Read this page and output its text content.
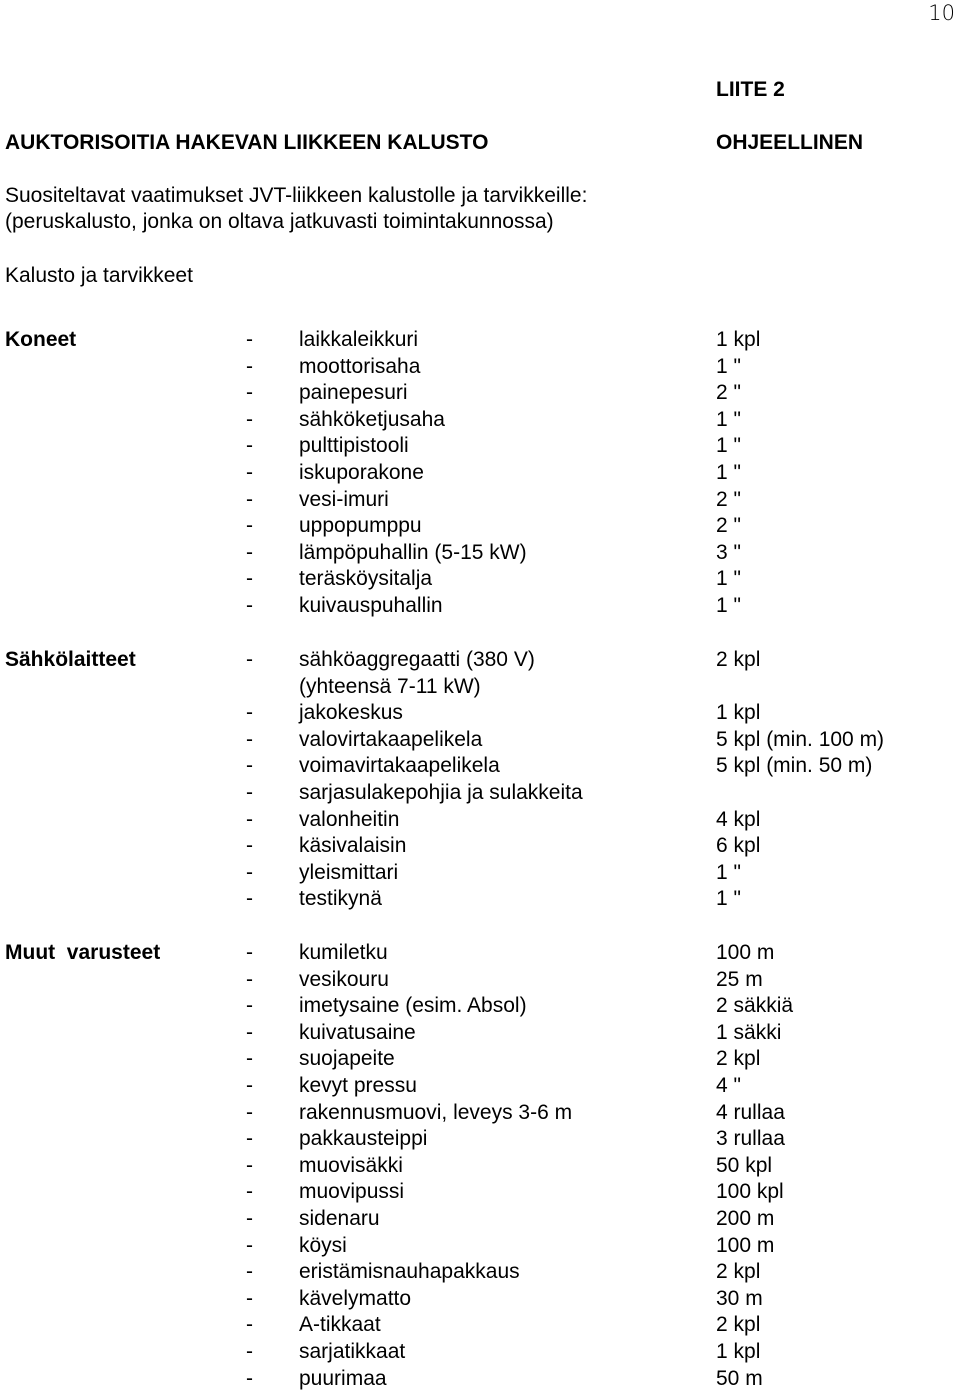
10
LIITE 2
AUKTORISOITIA HAKEVAN LIIKKEEN KALUSTO	OHJEELLINEN
Suositeltavat vaatimukset JVT-liikkeen kalustolle ja tarvikkeille:
(peruskalusto, jonka on oltava jatkuvasti toimintakunnossa)
Kalusto ja tarvikkeet
Koneet	- laikkaleikkuri	1 kpl
- moottorisaha	1 "
- painepesuri	2 "
- sähköketjusaha	1 "
- pulttipistooli	1 "
- iskuporakone	1 "
- vesi-imuri	2 "
- uppopumppu	2 "
- lämpöpuhallin (5-15 kW)	3 "
- teräsköysitalja	1 "
- kuivauspuhallin	1 "
Sähkölaitteet	- sähköaggregaatti (380 V)	2 kpl
(yhteensä 7-11 kW)
- jakokeskus	1 kpl
- valovirtakaapelikela	5 kpl (min. 100 m)
- voimavirtakaapelikela	5 kpl (min. 50 m)
- sarjasulakepohjia ja sulakkeita
- valonheitin	4 kpl
- käsivalaisin	6 kpl
- yleismittari	1 "
- testikynä	1 "
Muut  varusteet	- kumiletku	100 m
- vesikouru	25 m
- imetysaine (esim. Absol)	2 säkkiä
- kuivatusaine	1 säkki
- suojapeite	2 kpl
- kevyt pressu	4 "
- rakennusmuovi, leveys 3-6 m	4 rullaa
- pakkausteippi	3 rullaa
- muovisäkki	50 kpl
- muovipussi	100 kpl
- sidenaru	200 m
- köysi	100 m
- eristämisnauhapakkaus	2 kpl
- kävelymatto	30 m
- A-tikkaat	2 kpl
- sarjatikkaat	1 kpl
- puurimaa	50 m
